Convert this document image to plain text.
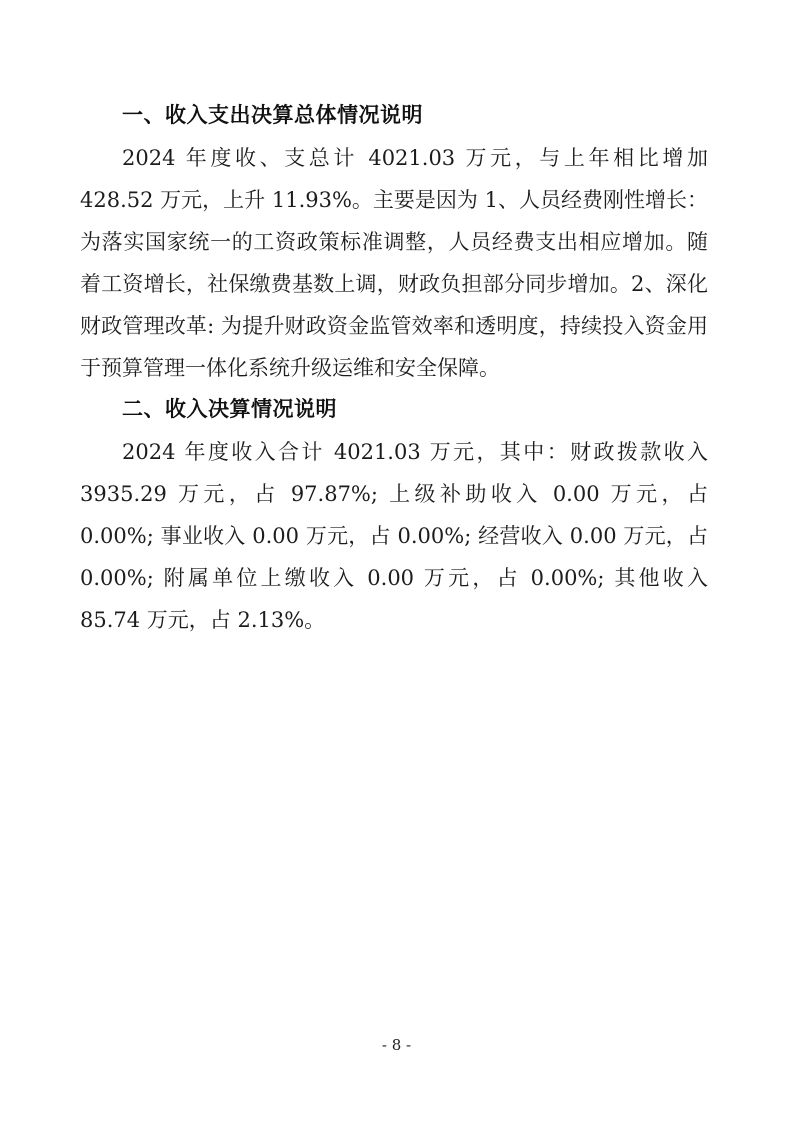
一、收入支出决算总体情况说明

2024 年度收、支总计 4021.03 万元，与上年相比增加 428.52 万元，上升 11.93%。主要是因为 1、人员经费刚性增长：为落实国家统一的工资政策标准调整，人员经费支出相应增加。随着工资增长，社保缴费基数上调，财政负担部分同步增加。2、深化财政管理改革: 为提升财政资金监管效率和透明度，持续投入资金用于预算管理一体化系统升级运维和安全保障。

二、收入决算情况说明

2024 年度收入合计 4021.03 万元，其中：财政拨款收入 3935.29 万元，占 97.87%; 上级补助收入 0.00 万元，占 0.00%; 事业收入 0.00 万元，占 0.00%; 经营收入 0.00 万元，占 0.00%; 附属单位上缴收入 0.00 万元，占 0.00%; 其他收入 85.74 万元，占 2.13%。

- 8 -
